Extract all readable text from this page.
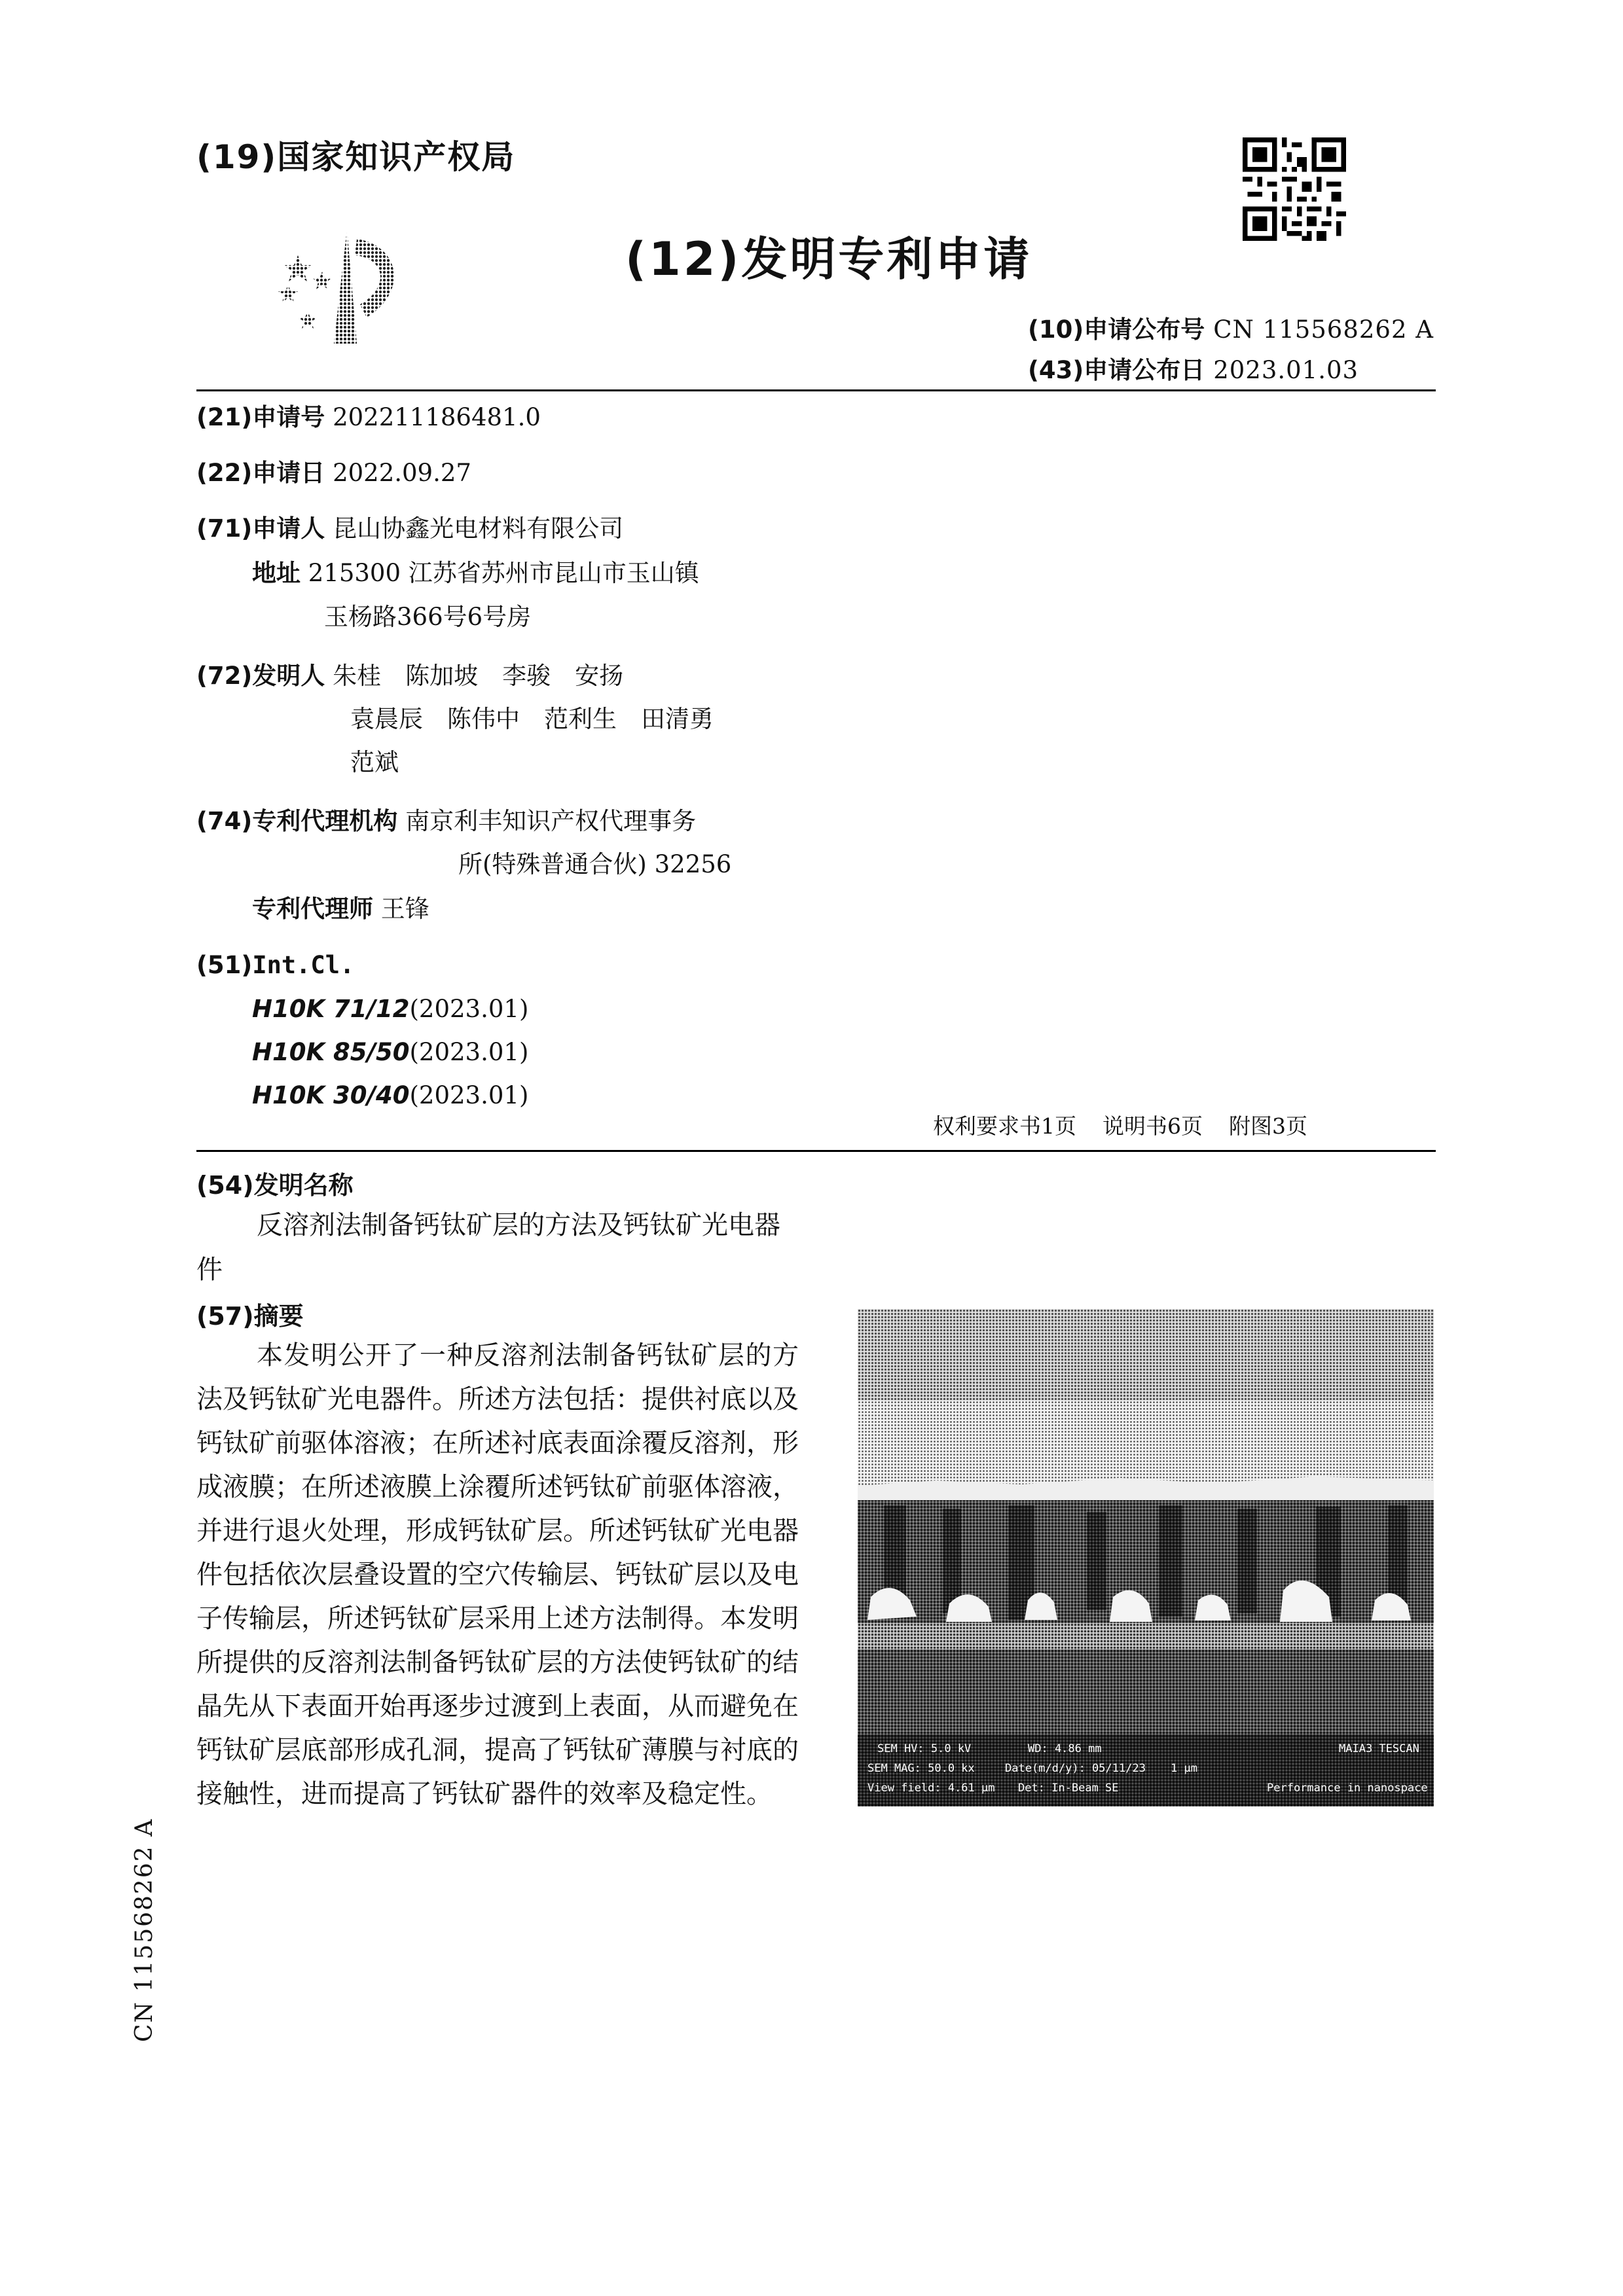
(19)国家知识产权局
(12)发明专利申请
(10)申请公布号 CN 115568262 A
(43)申请公布日 2023.01.03
(21)申请号 202211186481.0
(22)申请日 2022.09.27
(71)申请人 昆山协鑫光电材料有限公司
地址 215300 江苏省苏州市昆山市玉山镇
玉杨路366号6号房
(72)发明人 朱桂　陈加坡　李骏　安扬
袁晨辰　陈伟中　范利生　田清勇
范斌
(74)专利代理机构 南京利丰知识产权代理事务
所(特殊普通合伙) 32256
专利代理师 王锋
(51)Int.Cl.
H10K 71/12(2023.01)
H10K 85/50(2023.01)
H10K 30/40(2023.01)
权利要求书1页 说明书6页 附图3页
(54)发明名称
反溶剂法制备钙钛矿层的方法及钙钛矿光电器件
(57)摘要
本发明公开了一种反溶剂法制备钙钛矿层的方法及钙钛矿光电器件。所述方法包括：提供衬底以及钙钛矿前驱体溶液；在所述衬底表面涂覆反溶剂，形成液膜；在所述液膜上涂覆所述钙钛矿前驱体溶液，并进行退火处理，形成钙钛矿层。所述钙钛矿光电器件包括依次层叠设置的空穴传输层、钙钛矿层以及电子传输层，所述钙钛矿层采用上述方法制得。本发明所提供的反溶剂法制备钙钛矿层的方法使钙钛矿的结晶先从下表面开始再逐步过渡到上表面，从而避免在钙钛矿层底部形成孔洞，提高了钙钛矿薄膜与衬底的接触性，进而提高了钙钛矿器件的效率及稳定性。
SEM HV: 5.0 kV	WD: 4.86 mm	MAIA3 TESCAN
SEM MAG: 50.0 kx	Date(m/d/y): 05/11/23 1 μm
View field: 4.61 μm Det: In-Beam SE	Performance in nanospace
CN 115568262 A
